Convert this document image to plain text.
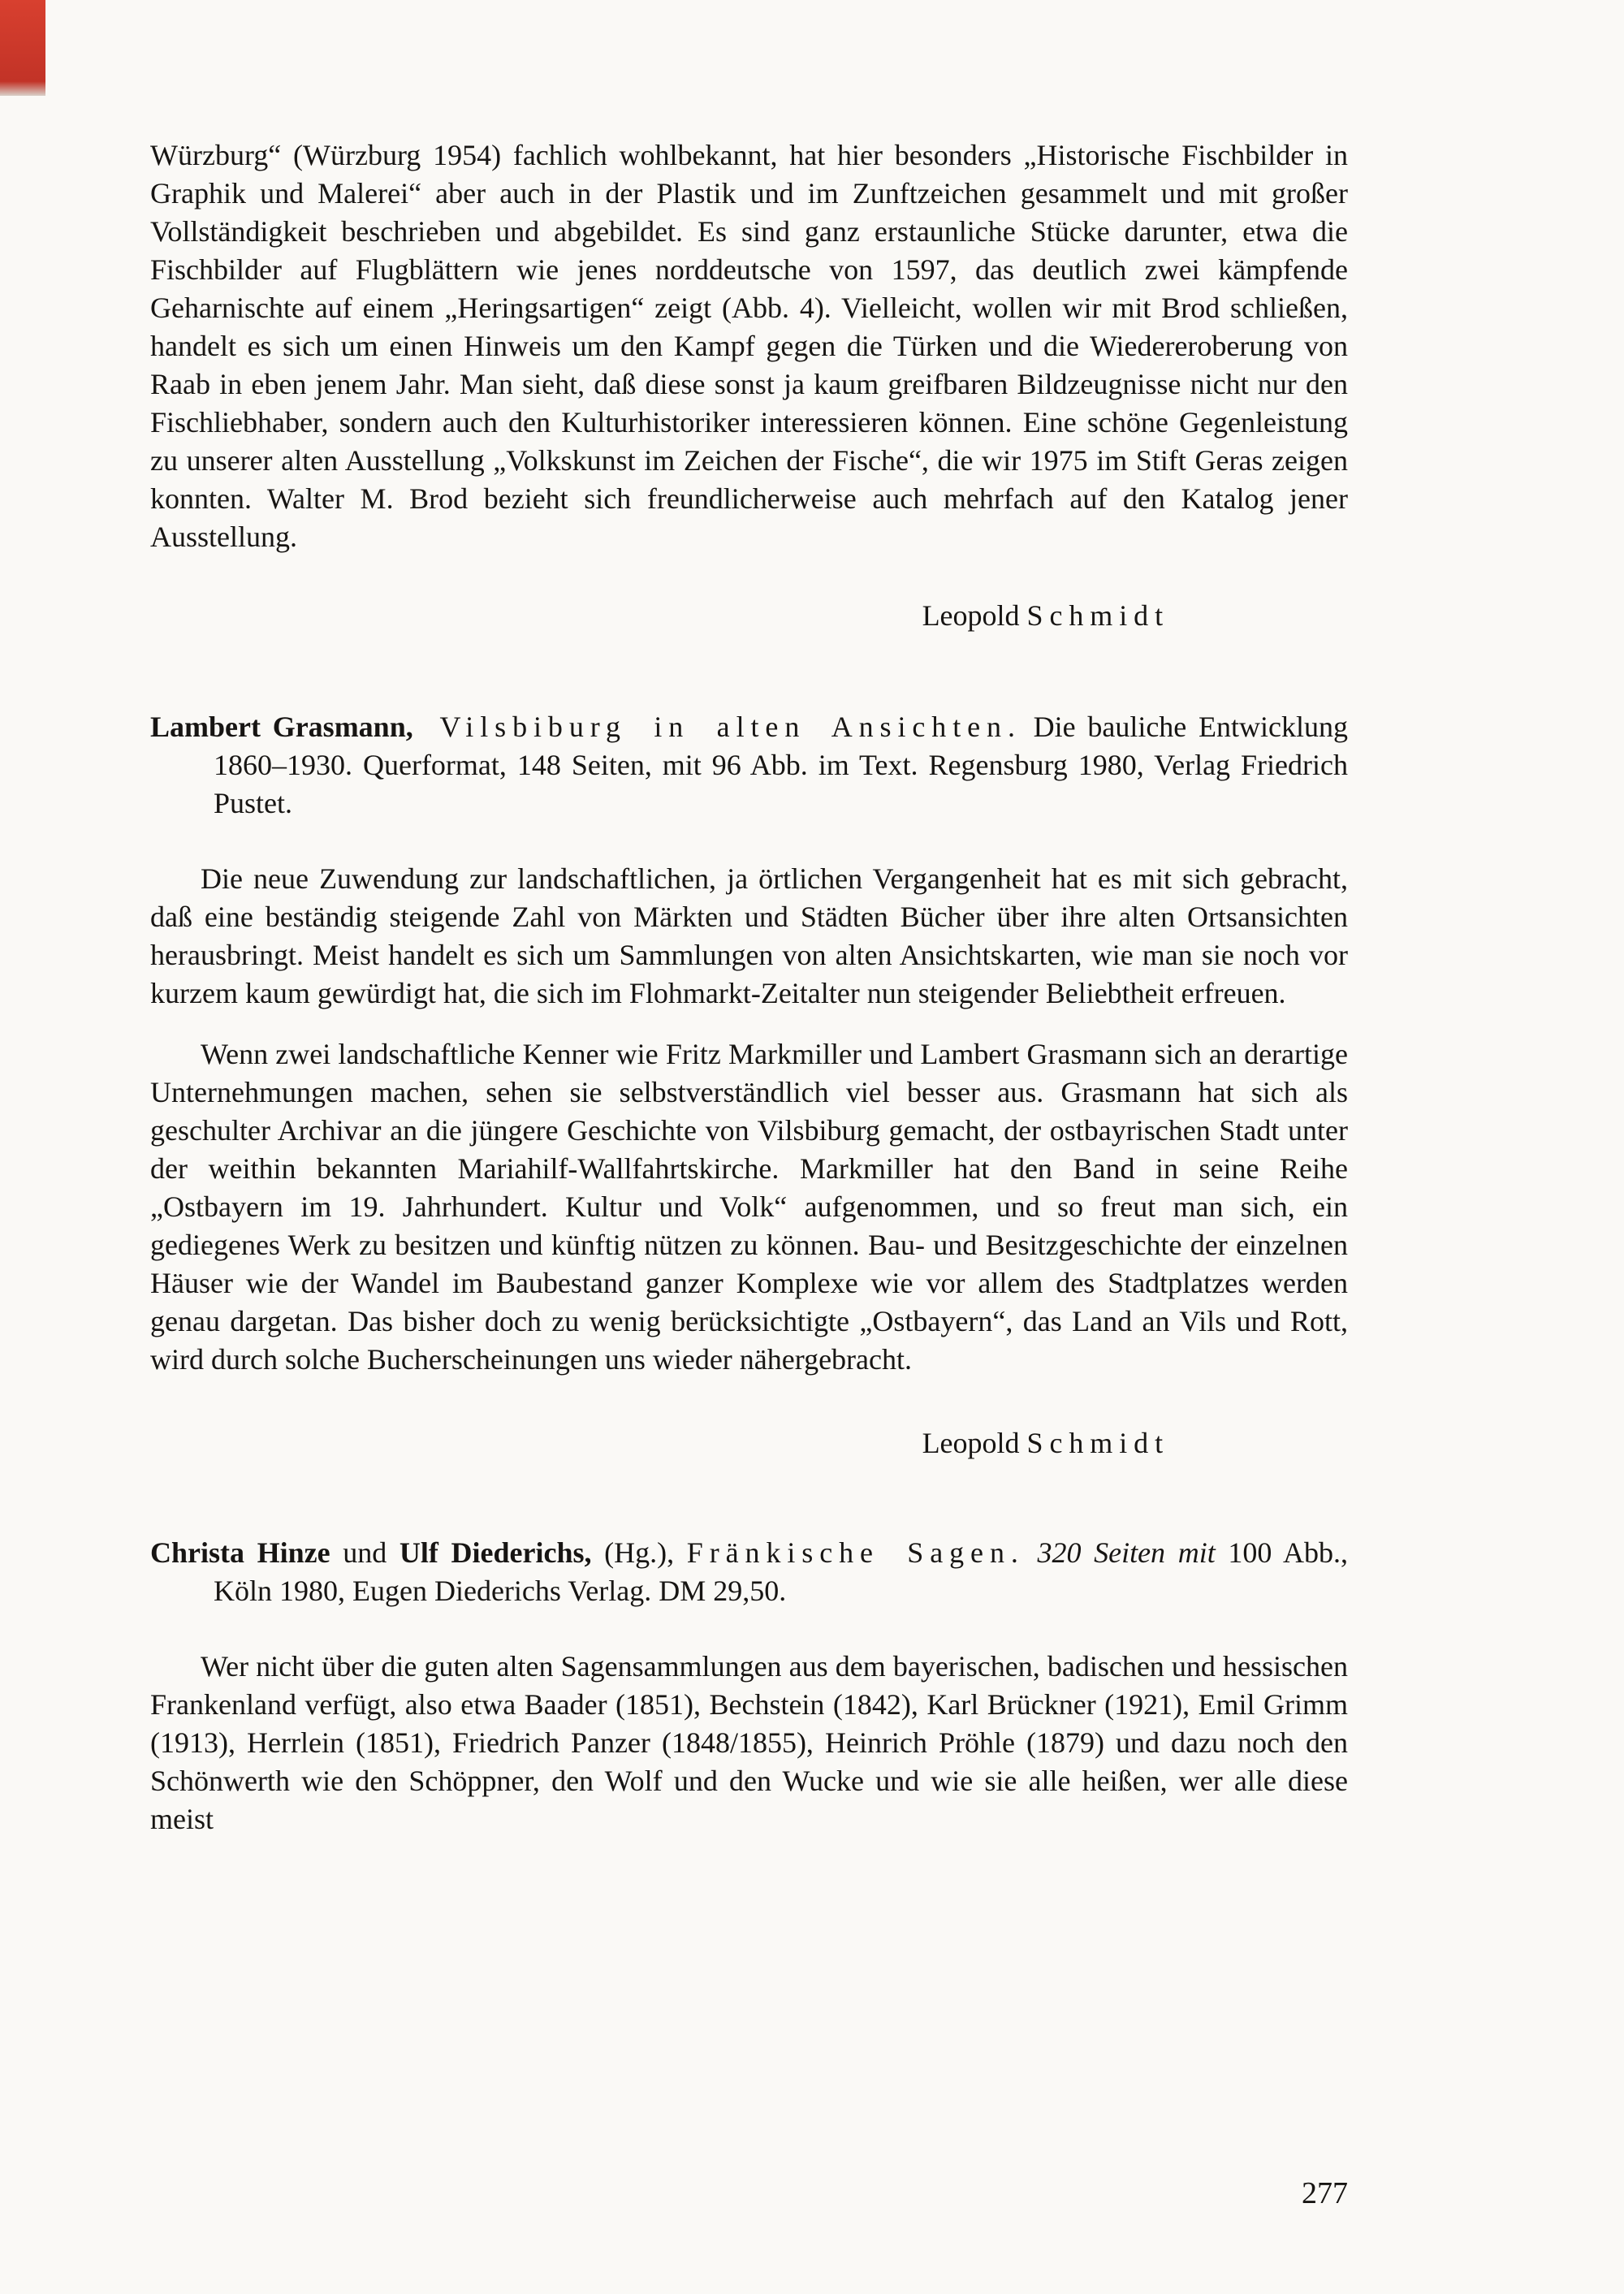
Würzburg“ (Würzburg 1954) fachlich wohlbekannt, hat hier besonders „Historische Fischbilder in Graphik und Malerei“ aber auch in der Plastik und im Zunftzeichen gesammelt und mit großer Vollständigkeit beschrieben und abgebildet. Es sind ganz erstaunliche Stücke darunter, etwa die Fischbilder auf Flugblättern wie jenes norddeutsche von 1597, das deutlich zwei kämpfende Geharnischte auf einem „Heringsartigen“ zeigt (Abb. 4). Vielleicht, wollen wir mit Brod schließen, handelt es sich um einen Hinweis um den Kampf gegen die Türken und die Wiedereroberung von Raab in eben jenem Jahr. Man sieht, daß diese sonst ja kaum greifbaren Bildzeugnisse nicht nur den Fischliebhaber, sondern auch den Kulturhistoriker interessieren können. Eine schöne Gegenleistung zu unserer alten Ausstellung „Volkskunst im Zeichen der Fische“, die wir 1975 im Stift Geras zeigen konnten. Walter M. Brod bezieht sich freundlicherweise auch mehrfach auf den Katalog jener Ausstellung.

Leopold Schmidt

Lambert Grasmann, Vilsbiburg in alten Ansichten. Die bauliche Entwicklung 1860–1930. Querformat, 148 Seiten, mit 96 Abb. im Text. Regensburg 1980, Verlag Friedrich Pustet.

Die neue Zuwendung zur landschaftlichen, ja örtlichen Vergangenheit hat es mit sich gebracht, daß eine beständig steigende Zahl von Märkten und Städten Bücher über ihre alten Ortsansichten herausbringt. Meist handelt es sich um Sammlungen von alten Ansichtskarten, wie man sie noch vor kurzem kaum gewürdigt hat, die sich im Flohmarkt-Zeitalter nun steigender Beliebtheit erfreuen.

Wenn zwei landschaftliche Kenner wie Fritz Markmiller und Lambert Grasmann sich an derartige Unternehmungen machen, sehen sie selbstverständlich viel besser aus. Grasmann hat sich als geschulter Archivar an die jüngere Geschichte von Vilsbiburg gemacht, der ostbayrischen Stadt unter der weithin bekannten Mariahilf-Wallfahrtskirche. Markmiller hat den Band in seine Reihe „Ostbayern im 19. Jahrhundert. Kultur und Volk“ aufgenommen, und so freut man sich, ein gediegenes Werk zu besitzen und künftig nützen zu können. Bau- und Besitzgeschichte der einzelnen Häuser wie der Wandel im Baubestand ganzer Komplexe wie vor allem des Stadtplatzes werden genau dargetan. Das bisher doch zu wenig berücksichtigte „Ostbayern“, das Land an Vils und Rott, wird durch solche Bucherscheinungen uns wieder nähergebracht.

Leopold Schmidt

Christa Hinze und Ulf Diederichs, (Hg.), Fränkische Sagen. 320 Seiten mit 100 Abb., Köln 1980, Eugen Diederichs Verlag. DM 29,50.

Wer nicht über die guten alten Sagensammlungen aus dem bayerischen, badischen und hessischen Frankenland verfügt, also etwa Baader (1851), Bechstein (1842), Karl Brückner (1921), Emil Grimm (1913), Herrlein (1851), Friedrich Panzer (1848/1855), Heinrich Pröhle (1879) und dazu noch den Schönwerth wie den Schöppner, den Wolf und den Wucke und wie sie alle heißen, wer alle diese meist

277
